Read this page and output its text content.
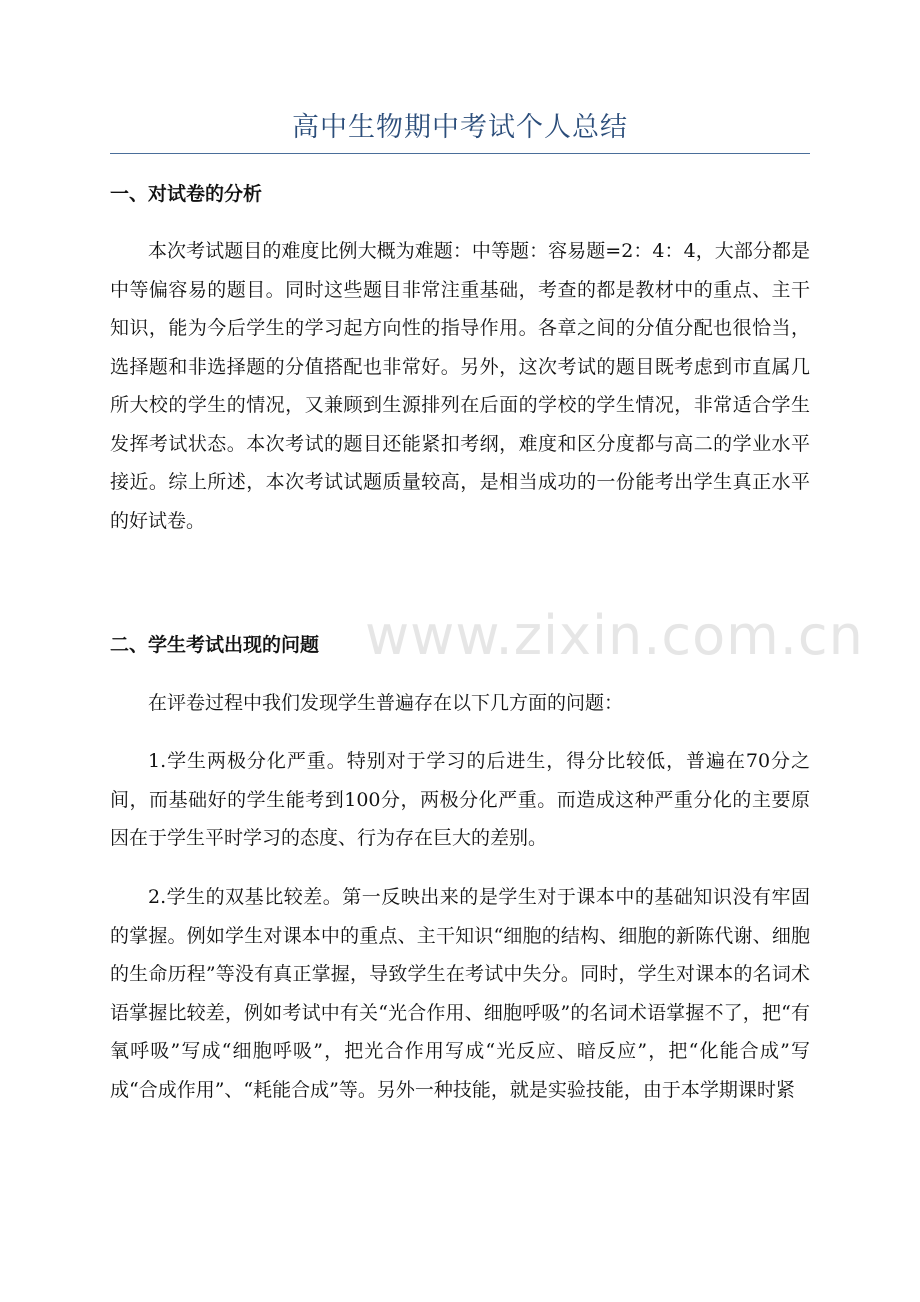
www.zixin.com.cn
高中生物期中考试个人总结
一、对试卷的分析
本次考试题目的难度比例大概为难题：中等题：容易题=2：4：4，大部分都是中等偏容易的题目。同时这些题目非常注重基础，考查的都是教材中的重点、主干知识，能为今后学生的学习起方向性的指导作用。各章之间的分值分配也很恰当，选择题和非选择题的分值搭配也非常好。另外，这次考试的题目既考虑到市直属几所大校的学生的情况，又兼顾到生源排列在后面的学校的学生情况，非常适合学生发挥考试状态。本次考试的题目还能紧扣考纲，难度和区分度都与高二的学业水平接近。综上所述，本次考试试题质量较高，是相当成功的一份能考出学生真正水平的好试卷。
二、学生考试出现的问题
在评卷过程中我们发现学生普遍存在以下几方面的问题：
1.学生两极分化严重。特别对于学习的后进生，得分比较低，普遍在70分之间，而基础好的学生能考到100分，两极分化严重。而造成这种严重分化的主要原因在于学生平时学习的态度、行为存在巨大的差别。
2.学生的双基比较差。第一反映出来的是学生对于课本中的基础知识没有牢固的掌握。例如学生对课本中的重点、主干知识“细胞的结构、细胞的新陈代谢、细胞的生命历程”等没有真正掌握，导致学生在考试中失分。同时，学生对课本的名词术语掌握比较差，例如考试中有关“光合作用、细胞呼吸”的名词术语掌握不了，把“有氧呼吸”写成“细胞呼吸”，把光合作用写成“光反应、暗反应”，把“化能合成”写成“合成作用”、“耗能合成”等。另外一种技能，就是实验技能，由于本学期课时紧
